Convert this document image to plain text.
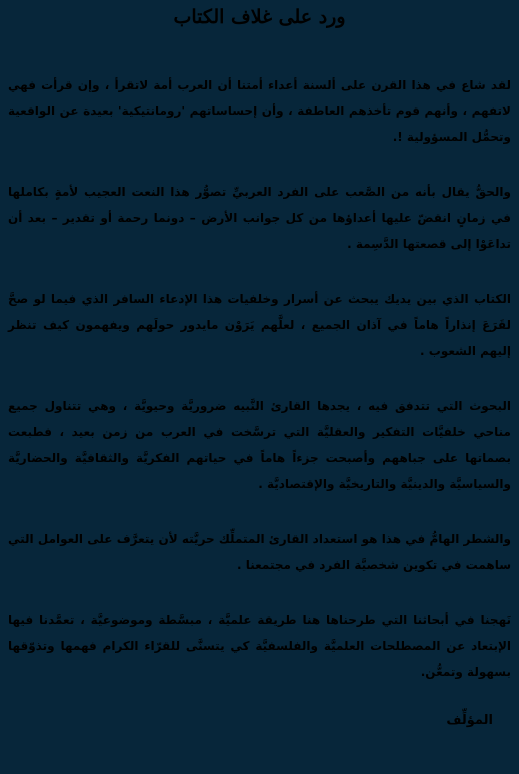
ورد على غلاف الكتاب

لقد شاع في هذا القرن على ألسنة أعداء أمتنا أن العرب أمة لاتقرأ ، وإن قرأت فهي لاتفهم ، وأنهم قوم تأخذهم العاطفة ، وأن إحساساتهم 'رومانتيكية' بعيدة عن الواقعية وتحمُّل المسؤولية !.

والحقُّ يقال بأنه من الصَّعب على الفرد العربيِّ تصوُّر هذا النعت العجيب لأمةٍ بكاملها في زمانٍ انقضّ عليها أعداؤها من كل جوانب الأرض – دونما رحمة أو تقدير – بعد أن تداعَوْا إلى قصعتها الدَّسِمة .

الكتاب الذي بين يديك يبحث عن أسرار وخلفيات هذا الإدعاء السافر الذي فيما لو صحَّ لقَرَعَ إنذاراً هاماً في آذان الجميع ، لعلَّهم يَرَوْن مايدور حولَهم ويفهمون كيف تنظر إليهم الشعوب .

البحوث التي تتدفق فيه ، يجدها القارئ النَّبيه ضروريَّة وحيويَّة ، وهي تتناول جميع مناحي خلفيَّات التفكير والعقليَّة التي ترسَّخت في العرب من زمن بعيد ، فطبعت بصماتها على جباههم وأصبحت جزءاً هاماً في حياتهم الفكريَّة والثقافيَّة والحضاريَّة والسياسيَّة والدينيَّة والتاريخيَّة والإقتصاديَّة .

والشطر الهامُّ في هذا هو استعداد القارئ المتملِّك حريَّته لأن يتعرَّف على العوامل التي ساهمت في تكوين شخصيَّة الفرد في مجتمعنا .

نَهجنا في أبحاثنا التي طرحناها هنا طريقة علميَّة ، مبسَّطة وموضوعيَّة ، تعمَّدنا فيها الإبتعاد عن المصطلحات العلميَّة والفلسفيَّة كي يتسنَّى للقرّاء الكرام فهمها وتذوّقها بسهولة وتمعُّن.

المؤلِّف
